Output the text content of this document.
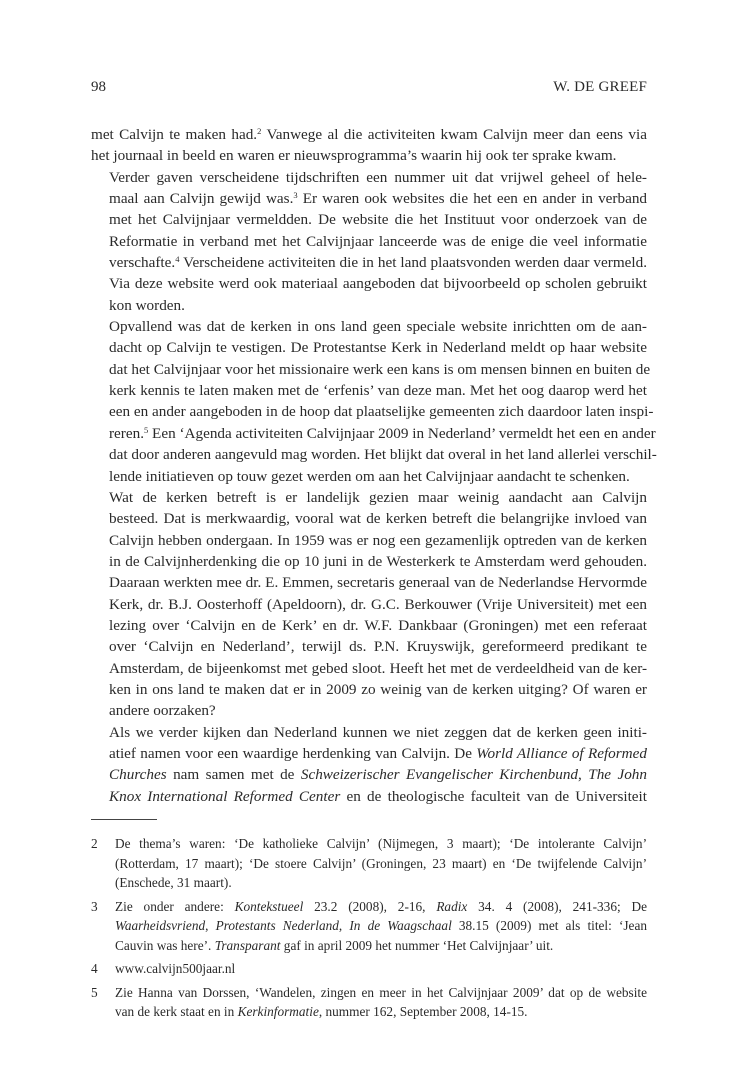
98	W. DE GREEF

met Calvijn te maken had.$^2$ Vanwege al die activiteiten kwam Calvijn meer dan eens via
het journaal in beeld en waren er nieuwsprogramma’s waarin hij ook ter sprake kwam.

Verder gaven verscheidene tijdschriften een nummer uit dat vrijwel geheel of hele-
maal aan Calvijn gewijd was.$^3$ Er waren ook websites die het een en ander in verband
met het Calvijnjaar vermeldden. De website die het Instituut voor onderzoek van de
Reformatie in verband met het Calvijnjaar lanceerde was de enige die veel informatie
verschafte.$^4$ Verscheidene activiteiten die in het land plaatsvonden werden daar vermeld.
Via deze website werd ook materiaal aangeboden dat bijvoorbeeld op scholen gebruikt
kon worden.

Opvallend was dat de kerken in ons land geen speciale website inrichtten om de aan-
dacht op Calvijn te vestigen. De Protestantse Kerk in Nederland meldt op haar website
dat het Calvijnjaar voor het missionaire werk een kans is om mensen binnen en buiten de
kerk kennis te laten maken met de ‘erfenis’ van deze man. Met het oog daarop werd het
een en ander aangeboden in de hoop dat plaatselijke gemeenten zich daardoor laten inspi-
reren.$^5$ Een ‘Agenda activiteiten Calvijnjaar 2009 in Nederland’ vermeldt het een en ander
dat door anderen aangevuld mag worden. Het blijkt dat overal in het land allerlei verschil-
lende initiatieven op touw gezet werden om aan het Calvijnjaar aandacht te schenken.

Wat de kerken betreft is er landelijk gezien maar weinig aandacht aan Calvijn
besteed. Dat is merkwaardig, vooral wat de kerken betreft die belangrijke invloed van
Calvijn hebben ondergaan. In 1959 was er nog een gezamenlijk optreden van de kerken
in de Calvijnherdenking die op 10 juni in de Westerkerk te Amsterdam werd gehouden.
Daaraan werkten mee dr. E. Emmen, secretaris generaal van de Nederlandse Hervormde
Kerk, dr. B.J. Oosterhoff (Apeldoorn), dr. G.C. Berkouwer (Vrije Universiteit) met een
lezing over ‘Calvijn en de Kerk’ en dr. W.F. Dankbaar (Groningen) met een referaat
over ‘Calvijn en Nederland’, terwijl ds. P.N. Kruyswijk, gereformeerd predikant te
Amsterdam, de bijeenkomst met gebed sloot. Heeft het met de verdeeldheid van de ker-
ken in ons land te maken dat er in 2009 zo weinig van de kerken uitging? Of waren er
andere oorzaken?

Als we verder kijken dan Nederland kunnen we niet zeggen dat de kerken geen initi-
atief namen voor een waardige herdenking van Calvijn. De World Alliance of Reformed
Churches nam samen met de Schweizerischer Evangelischer Kirchenbund, The John
Knox International Reformed Center en de theologische faculteit van de Universiteit

2 De thema’s waren: ‘De katholieke Calvijn’ (Nijmegen, 3 maart); ‘De intolerante Calvijn’
(Rotterdam, 17 maart); ‘De stoere Calvijn’ (Groningen, 23 maart) en ‘De twijfelende Calvijn’
(Enschede, 31 maart).
3 Zie onder andere: Kontekstueel 23.2 (2008), 2-16, Radix 34. 4 (2008), 241-336; De
Waarheidsvriend, Protestants Nederland, In de Waagschaal 38.15 (2009) met als titel: ‘Jean
Cauvin was here’. Transparant gaf in april 2009 het nummer ‘Het Calvijnjaar’ uit.
4 www.calvijn500jaar.nl
5 Zie Hanna van Dorssen, ‘Wandelen, zingen en meer in het Calvijnjaar 2009’ dat op de website
van de kerk staat en in Kerkinformatie, nummer 162, September 2008, 14-15.
